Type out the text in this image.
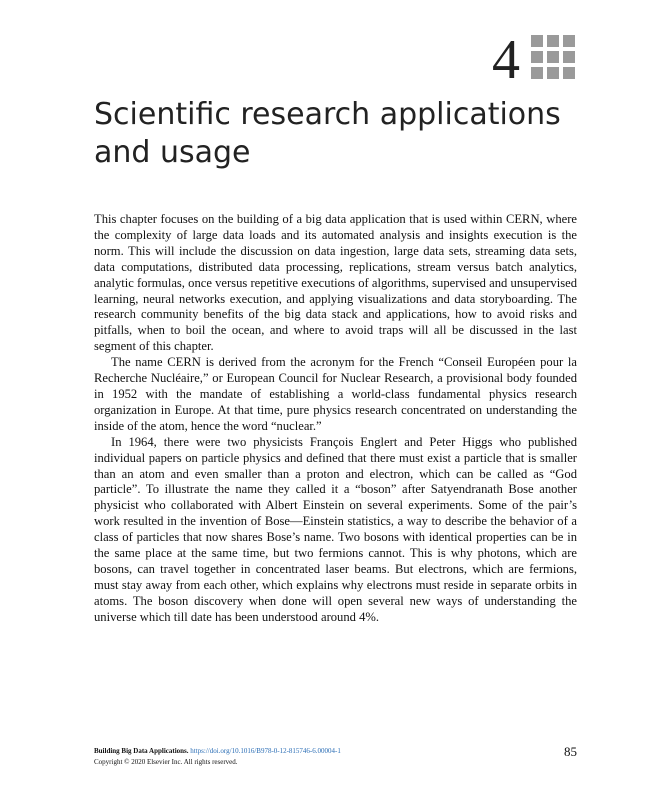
4
Scientific research applications and usage

This chapter focuses on the building of a big data application that is used within CERN, where the complexity of large data loads and its automated analysis and insights execution is the norm. This will include the discussion on data ingestion, large data sets, streaming data sets, data computations, distributed data processing, replications, stream versus batch analytics, analytic formulas, once versus repetitive executions of algorithms, supervised and unsupervised learning, neural networks execution, and applying visualizations and data storyboarding. The research community benefits of the big data stack and applications, how to avoid risks and pitfalls, when to boil the ocean, and where to avoid traps will all be discussed in the last segment of this chapter.

The name CERN is derived from the acronym for the French “Conseil Européen pour la Recherche Nucléaire,” or European Council for Nuclear Research, a provisional body founded in 1952 with the mandate of establishing a world-class fundamental physics research organization in Europe. At that time, pure physics research concentrated on understanding the inside of the atom, hence the word “nuclear.”

In 1964, there were two physicists François Englert and Peter Higgs who published individual papers on particle physics and defined that there must exist a particle that is smaller than an atom and even smaller than a proton and electron, which can be called as “God particle”. To illustrate the name they called it a “boson” after Satyendranath Bose another physicist who collaborated with Albert Einstein on several experiments. Some of the pair’s work resulted in the invention of Bose—Einstein statistics, a way to describe the behavior of a class of particles that now shares Bose’s name. Two bosons with identical properties can be in the same place at the same time, but two fermions cannot. This is why photons, which are bosons, can travel together in concentrated laser beams. But electrons, which are fermions, must stay away from each other, which explains why electrons must reside in separate orbits in atoms. The boson discovery when done will open several new ways of understanding the universe which till date has been understood around 4%.

Building Big Data Applications. https://doi.org/10.1016/B978-0-12-815746-6.00004-1
Copyright © 2020 Elsevier Inc. All rights reserved.
85
